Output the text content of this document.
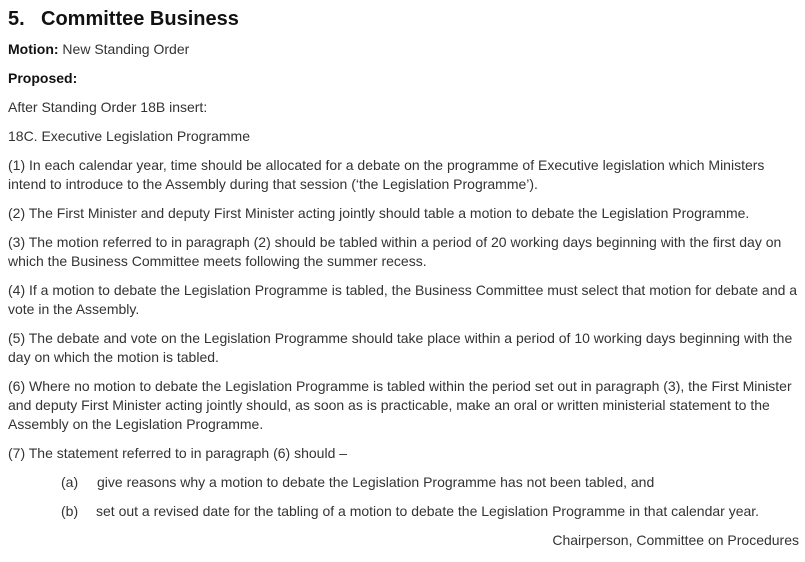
5. Committee Business

Motion: New Standing Order

Proposed:

After Standing Order 18B insert:

18C. Executive Legislation Programme

(1) In each calendar year, time should be allocated for a debate on the programme of Executive legislation which Ministers intend to introduce to the Assembly during that session (‘the Legislation Programme’).

(2) The First Minister and deputy First Minister acting jointly should table a motion to debate the Legislation Programme.

(3) The motion referred to in paragraph (2) should be tabled within a period of 20 working days beginning with the first day on which the Business Committee meets following the summer recess.

(4) If a motion to debate the Legislation Programme is tabled, the Business Committee must select that motion for debate and a vote in the Assembly.

(5) The debate and vote on the Legislation Programme should take place within a period of 10 working days beginning with the day on which the motion is tabled.

(6) Where no motion to debate the Legislation Programme is tabled within the period set out in paragraph (3), the First Minister and deputy First Minister acting jointly should, as soon as is practicable, make an oral or written ministerial statement to the Assembly on the Legislation Programme.

(7) The statement referred to in paragraph (6) should –

(a)	give reasons why a motion to debate the Legislation Programme has not been tabled, and
(b)	set out a revised date for the tabling of a motion to debate the Legislation Programme in that calendar year.

Chairperson, Committee on Procedures
